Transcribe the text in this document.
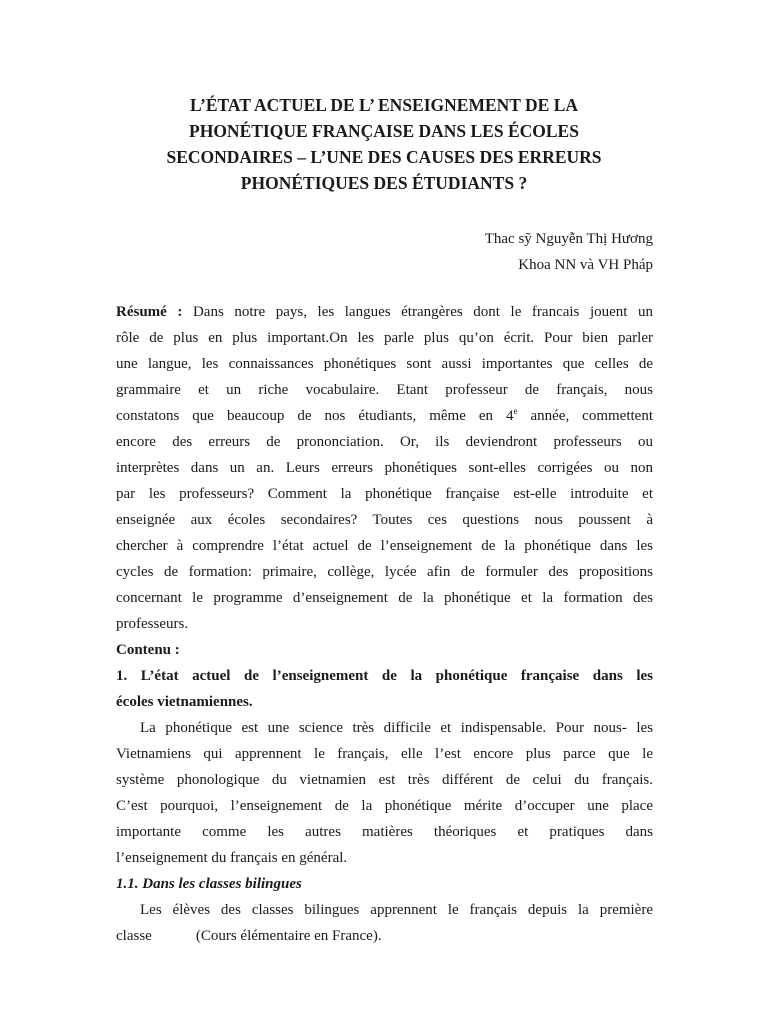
L’ÉTAT ACTUEL DE L’ ENSEIGNEMENT DE LA
PHONÉTIQUE FRANÇAISE DANS LES ÉCOLES
SECONDAIRES – L’UNE DES CAUSES DES ERREURS
PHONÉTIQUES DES ÉTUDIANTS ?
Thac sỹ Nguyễn Thị Hương
Khoa NN và VH Pháp
Résumé : Dans notre pays, les langues étrangères dont le francais jouent un
rôle de plus en plus important.On les parle plus qu’on écrit. Pour bien parler
une langue, les connaissances phonétiques sont aussi importantes que celles de
grammaire et un riche vocabulaire. Etant professeur de français, nous
constatons que beaucoup de nos étudiants, même en 4e année, commettent
encore des erreurs de prononciation. Or, ils deviendront professeurs ou
interprètes dans un an. Leurs erreurs phonétiques sont-elles corrigées ou non
par les professeurs? Comment la phonétique française est-elle introduite et
enseignée aux écoles secondaires? Toutes ces questions nous poussent à
chercher à comprendre l’état actuel de l’enseignement de la phonétique dans les
cycles de formation: primaire, collège, lycée afin de formuler des propositions
concernant le programme d’enseignement de la phonétique et la formation des
professeurs.
Contenu :
1. L’état actuel de l’enseignement de la phonétique française dans les
écoles vietnamiennes.
La phonétique est une science très difficile et indispensable. Pour nous- les
Vietnamiens qui apprennent le français, elle l’est encore plus parce que le
système phonologique du vietnamien est très différent de celui du français.
C’est pourquoi, l’enseignement de la phonétique mérite d’occuper une place
importante comme les autres matières théoriques et pratiques dans
l’enseignement du français en général.
1.1. Dans les classes bilingues
Les élèves des classes bilingues apprennent le français depuis la première
classe	(Cours élémentaire en France).
